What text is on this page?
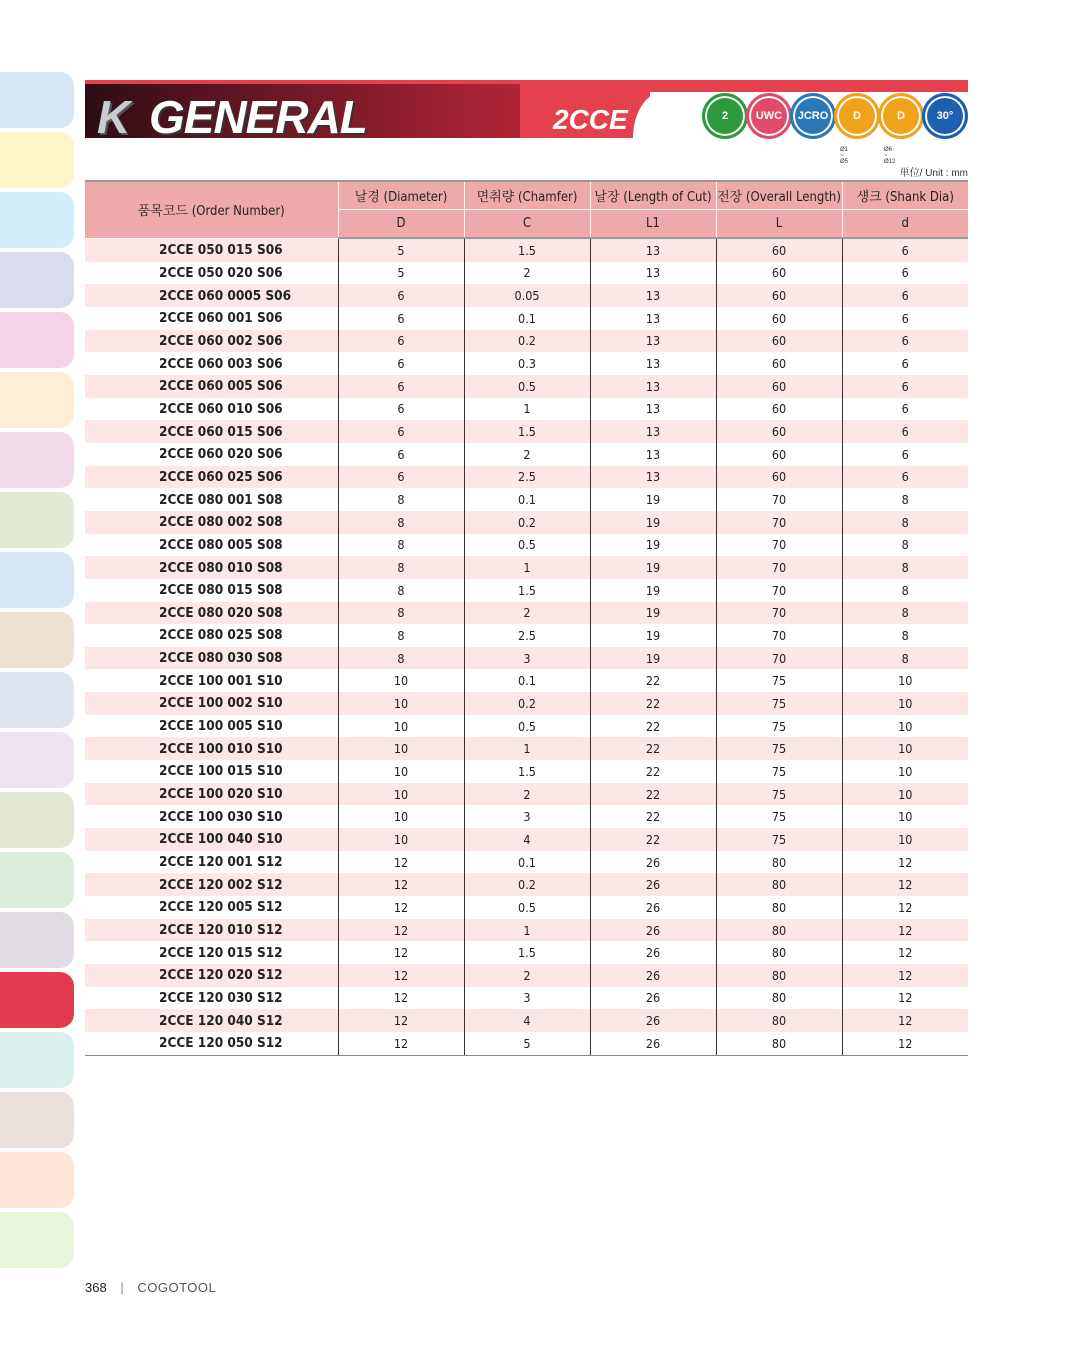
K GENERAL	2CCE	2	UWC JCRO D	D	30°
Ø1 ~ Ø5
Ø6 ~ Ø12
単位/ Unit : mm
품목코드 (Order Number)	날경 (Diameter)	면취량 (Chamfer)	날장 (Length of Cut)	전장 (Overall Length)	섕크 (Shank Dia)
	D	C	L1	L	d
2CCE 050 015 S06	5	1.5	13	60	6
2CCE 050 020 S06	5	2	13	60	6
2CCE 060 0005 S06	6	0.05	13	60	6
2CCE 060 001 S06	6	0.1	13	60	6
2CCE 060 002 S06	6	0.2	13	60	6
2CCE 060 003 S06	6	0.3	13	60	6
2CCE 060 005 S06	6	0.5	13	60	6
2CCE 060 010 S06	6	1	13	60	6
2CCE 060 015 S06	6	1.5	13	60	6
2CCE 060 020 S06	6	2	13	60	6
2CCE 060 025 S06	6	2.5	13	60	6
2CCE 080 001 S08	8	0.1	19	70	8
2CCE 080 002 S08	8	0.2	19	70	8
2CCE 080 005 S08	8	0.5	19	70	8
2CCE 080 010 S08	8	1	19	70	8
2CCE 080 015 S08	8	1.5	19	70	8
2CCE 080 020 S08	8	2	19	70	8
2CCE 080 025 S08	8	2.5	19	70	8
2CCE 080 030 S08	8	3	19	70	8
2CCE 100 001 S10	10	0.1	22	75	10
2CCE 100 002 S10	10	0.2	22	75	10
2CCE 100 005 S10	10	0.5	22	75	10
2CCE 100 010 S10	10	1	22	75	10
2CCE 100 015 S10	10	1.5	22	75	10
2CCE 100 020 S10	10	2	22	75	10
2CCE 100 030 S10	10	3	22	75	10
2CCE 100 040 S10	10	4	22	75	10
2CCE 120 001 S12	12	0.1	26	80	12
2CCE 120 002 S12	12	0.2	26	80	12
2CCE 120 005 S12	12	0.5	26	80	12
2CCE 120 010 S12	12	1	26	80	12
2CCE 120 015 S12	12	1.5	26	80	12
2CCE 120 020 S12	12	2	26	80	12
2CCE 120 030 S12	12	3	26	80	12
2CCE 120 040 S12	12	4	26	80	12
2CCE 120 050 S12	12	5	26	80	12
368 | COGOTOOL
